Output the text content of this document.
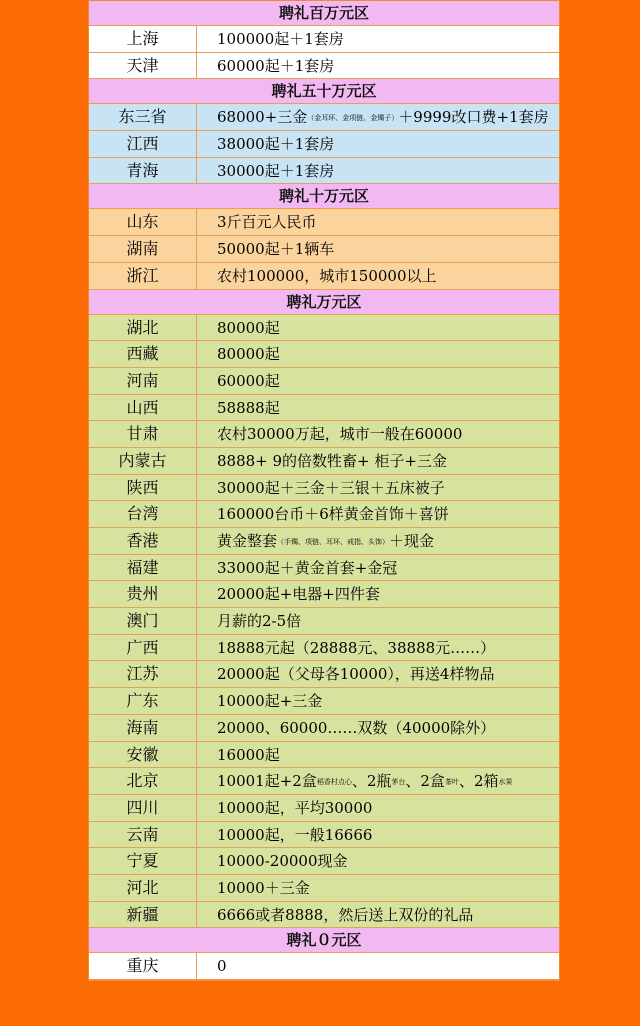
聘礼百万元区
上海	100000起＋1套房
天津	60000起＋1套房
聘礼五十万元区
东三省	68000+三金（金耳环、金项链、金镯子）＋9999改口费+1套房
江西	38000起＋1套房
青海	30000起＋1套房
聘礼十万元区
山东	3斤百元人民币
湖南	50000起＋1辆车
浙江	农村100000，城市150000以上
聘礼万元区
湖北	80000起
西藏	80000起
河南	60000起
山西	58888起
甘肃	农村30000万起，城市一般在60000
内蒙古	8888+ 9的倍数牲畜+ 柜子+三金
陕西	30000起＋三金＋三银＋五床被子
台湾	160000台币＋6样黄金首饰＋喜饼
香港	黄金整套（手镯、项链、耳环、戒指、头饰）＋现金
福建	33000起＋黄金首套+金冠
贵州	20000起+电器+四件套
澳门	月薪的2-5倍
广西	18888元起（28888元、38888元……）
江苏	20000起（父母各10000），再送4样物品
广东	10000起+三金
海南	20000、60000……双数（40000除外）
安徽	16000起
北京	10001起+2盒稻香村点心、2瓶茅台、2盒茶叶、2箱水果
四川	10000起，平均30000
云南	10000起，一般16666
宁夏	10000-20000现金
河北	10000＋三金
新疆	6666或者8888，然后送上双份的礼品
聘礼０元区
重庆	0
